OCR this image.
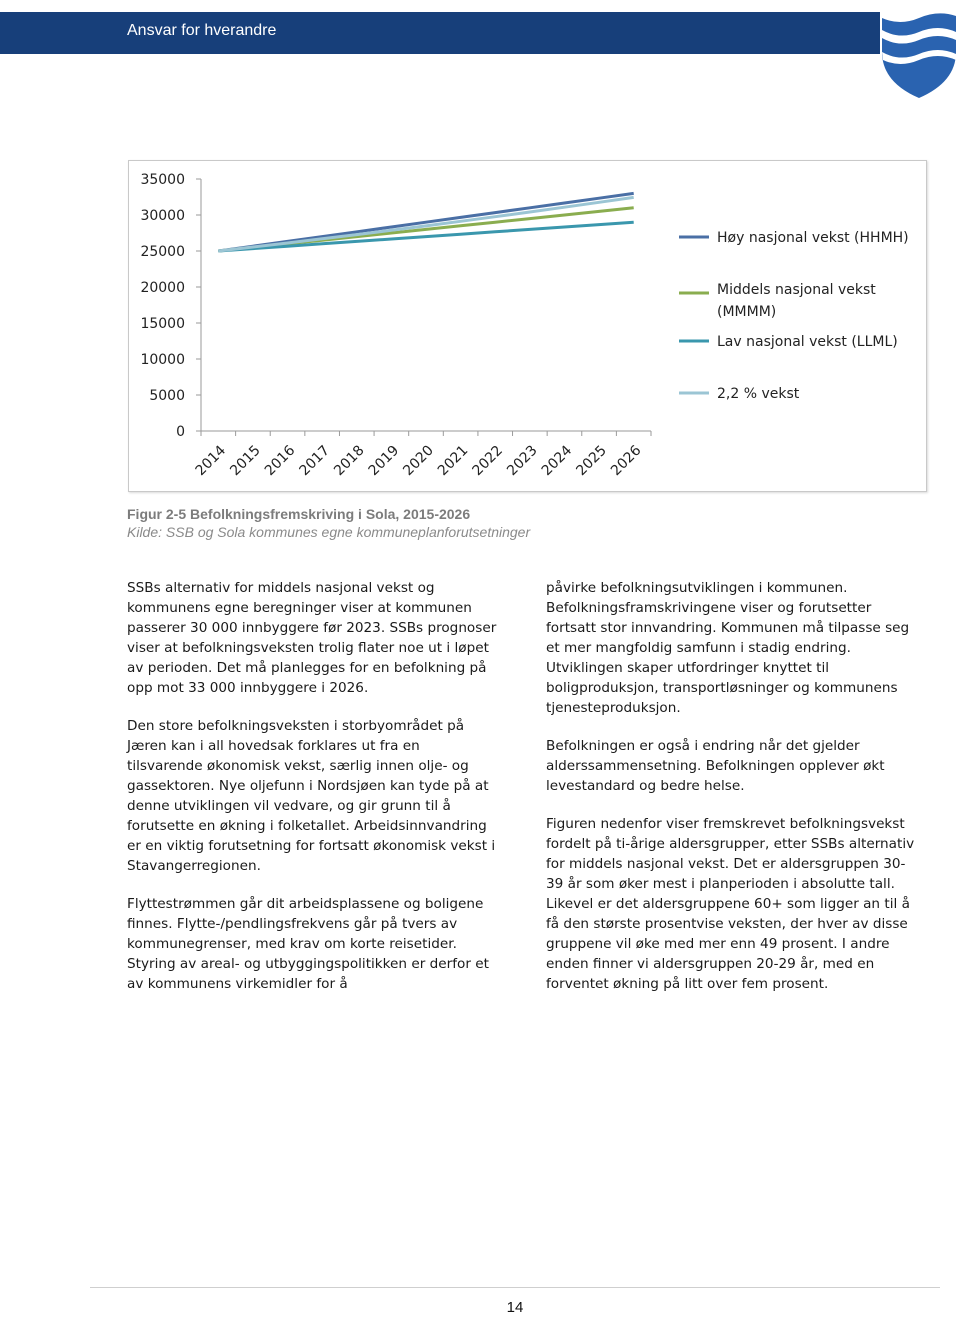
Ansvar for hverandre
35000
30000
25000
20000
15000
10000
5000
0
2014
2015
2016
2017
2018
2019
2020
2021
2022
2023
2024
2025
2026
Høy nasjonal vekst (HHMH)
Middels nasjonal vekst
(MMMM)
Lav nasjonal vekst (LLML)
2,2 % vekst
Figur 2-5 Befolkningsfremskriving i Sola, 2015-2026
Kilde: SSB og Sola kommunes egne kommuneplanforutsetninger

SSBs alternativ for middels nasjonal vekst og kommunens egne beregninger viser at kommunen passerer 30 000 innbyggere før 2023. SSBs prognoser viser at befolkningsveksten trolig flater noe ut i løpet av perioden. Det må planlegges for en befolkning på opp mot 33 000 innbyggere i 2026.

Den store befolkningsveksten i storbyområdet på Jæren kan i all hovedsak forklares ut fra en tilsvarende økonomisk vekst, særlig innen olje- og gassektoren. Nye oljefunn i Nordsjøen kan tyde på at denne utviklingen vil vedvare, og gir grunn til å forutsette en økning i folketallet. Arbeidsinnvandring er en viktig forutsetning for fortsatt økonomisk vekst i Stavangerregionen.

Flyttestrømmen går dit arbeidsplassene og boligene finnes. Flytte-/pendlingsfrekvens går på tvers av kommunegrenser, med krav om korte reisetider. Styring av areal- og utbyggingspolitikken er derfor et av kommunens virkemidler for å

påvirke befolkningsutviklingen i kommunen. Befolkningsframskrivingene viser og forutsetter fortsatt stor innvandring. Kommunen må tilpasse seg et mer mangfoldig samfunn i stadig endring. Utviklingen skaper utfordringer knyttet til boligproduksjon, transportløsninger og kommunens tjenesteproduksjon.

Befolkningen er også i endring når det gjelder alderssammensetning. Befolkningen opplever økt levestandard og bedre helse.

Figuren nedenfor viser fremskrevet befolkningsvekst fordelt på ti-årige aldersgrupper, etter SSBs alternativ for middels nasjonal vekst. Det er aldersgruppen 30-39 år som øker mest i planperioden i absolutte tall. Likevel er det aldersgruppene 60+ som ligger an til å få den største prosentvise veksten, der hver av disse gruppene vil øke med mer enn 49 prosent. I andre enden finner vi aldersgruppen 20-29 år, med en forventet økning på litt over fem prosent.

14
